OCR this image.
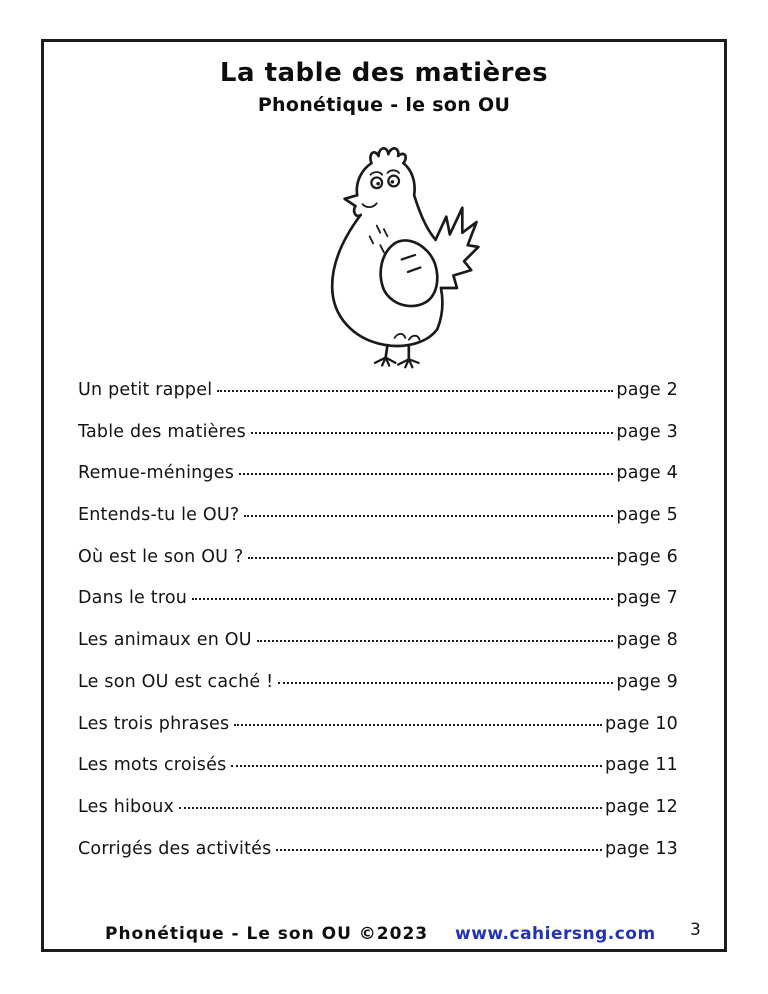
La table des matières
Phonétique - le son OU
Un petit rappel	page 2
Table des matières	page 3
Remue-méninges	page 4
Entends-tu le OU?	page 5
Où est le son OU ?	page 6
Dans le trou	page 7
Les animaux en OU	page 8
Le son OU est caché !	page 9
Les trois phrases	page 10
Les mots croisés	page 11
Les hiboux	page 12
Corrigés des activités	page 13
Phonétique - Le son OU ©2023 www.cahiersng.com 3
